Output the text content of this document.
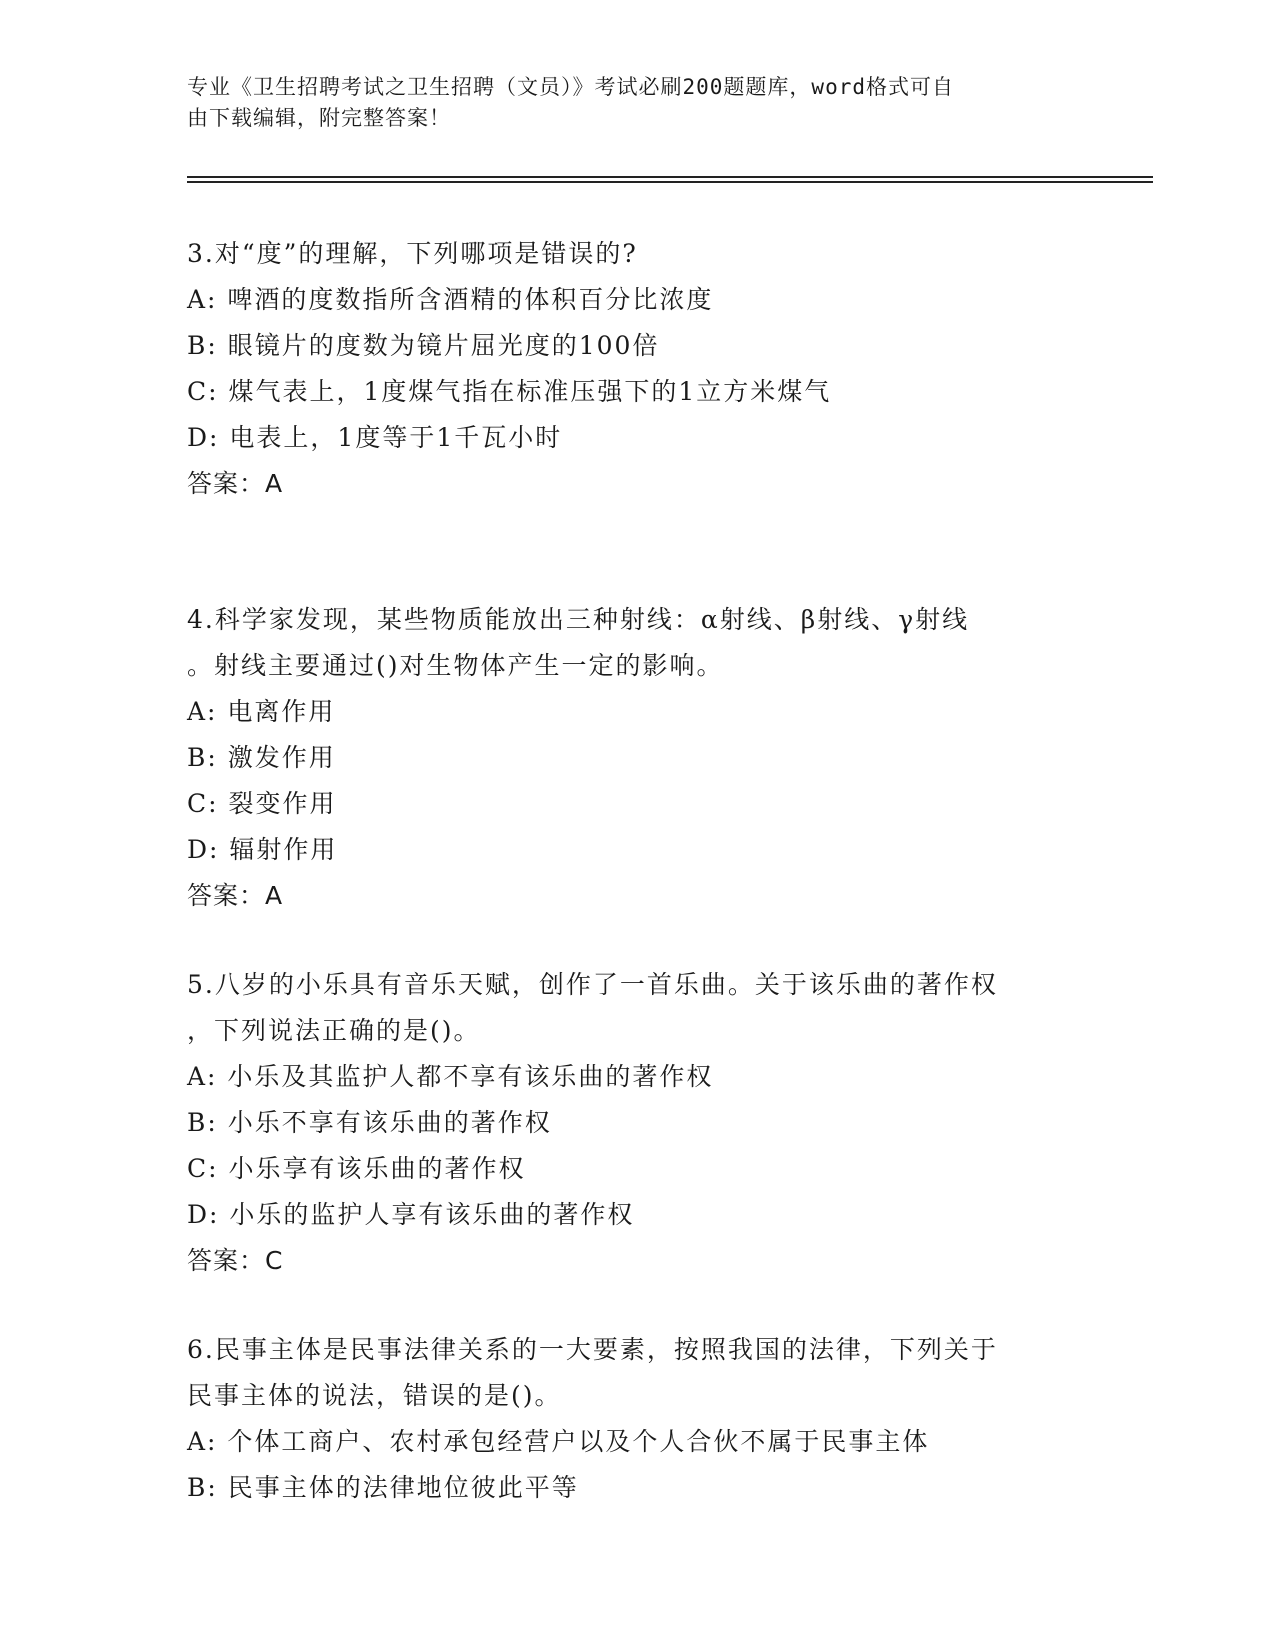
专业《卫生招聘考试之卫生招聘（文员）》考试必刷200题题库，word格式可自
由下载编辑，附完整答案！
3.对“度”的理解，下列哪项是错误的?
A: 啤酒的度数指所含酒精的体积百分比浓度
B: 眼镜片的度数为镜片屈光度的100倍
C: 煤气表上，1度煤气指在标准压强下的1立方米煤气
D: 电表上，1度等于1千瓦小时
答案：A
4.科学家发现，某些物质能放出三种射线：α射线、β射线、γ射线
。射线主要通过()对生物体产生一定的影响。
A: 电离作用
B: 激发作用
C: 裂变作用
D: 辐射作用
答案：A
5.八岁的小乐具有音乐天赋，创作了一首乐曲。关于该乐曲的著作权
，下列说法正确的是()。
A: 小乐及其监护人都不享有该乐曲的著作权
B: 小乐不享有该乐曲的著作权
C: 小乐享有该乐曲的著作权
D: 小乐的监护人享有该乐曲的著作权
答案：C
6.民事主体是民事法律关系的一大要素，按照我国的法律，下列关于
民事主体的说法，错误的是()。
A: 个体工商户、农村承包经营户以及个人合伙不属于民事主体
B: 民事主体的法律地位彼此平等
